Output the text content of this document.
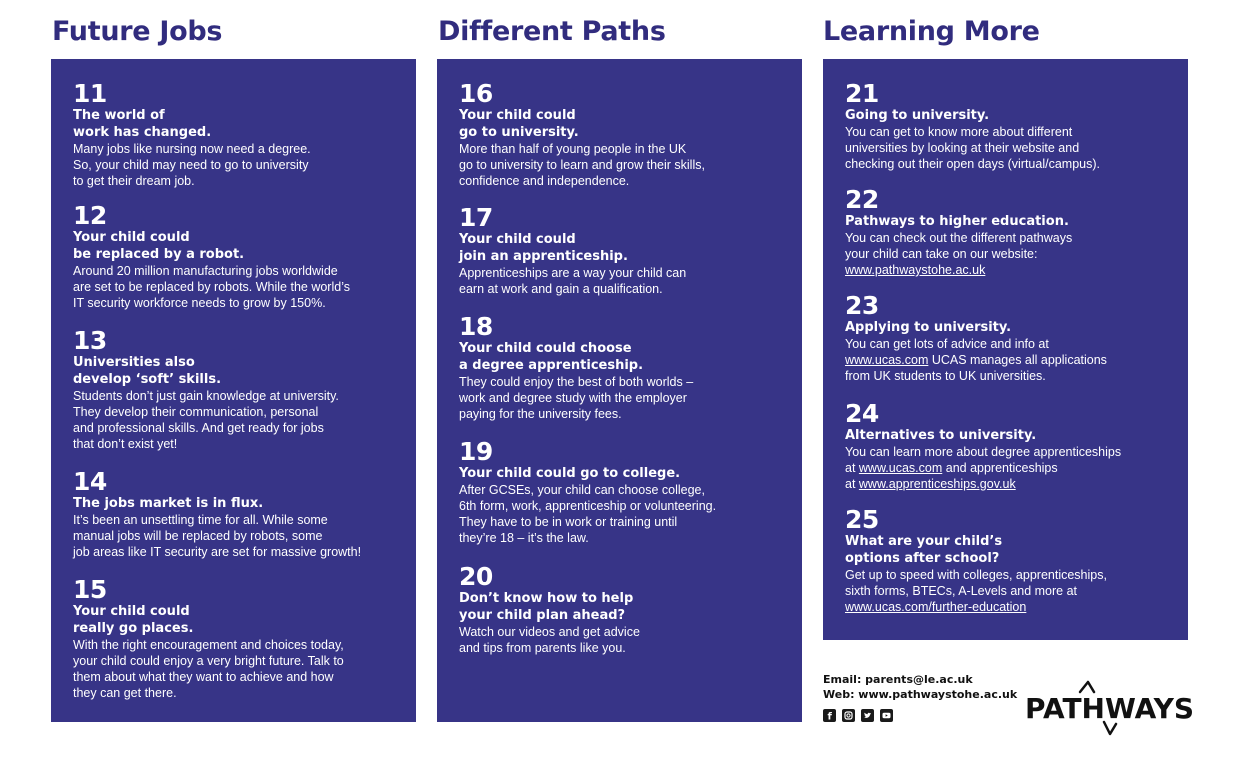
Future Jobs	Different Paths	Learning More
11
The world of
work has changed.
Many jobs like nursing now need a degree.
So, your child may need to go to university
to get their dream job.
12
Your child could
be replaced by a robot.
Around 20 million manufacturing jobs worldwide
are set to be replaced by robots. While the world’s
IT security workforce needs to grow by 150%.
13
Universities also
develop ‘soft’ skills.
Students don’t just gain knowledge at university.
They develop their communication, personal
and professional skills. And get ready for jobs
that don’t exist yet!
14
The jobs market is in flux.
It’s been an unsettling time for all. While some
manual jobs will be replaced by robots, some
job areas like IT security are set for massive growth!
15
Your child could
really go places.
With the right encouragement and choices today,
your child could enjoy a very bright future. Talk to
them about what they want to achieve and how
they can get there.
16
Your child could
go to university.
More than half of young people in the UK
go to university to learn and grow their skills,
confidence and independence.
17
Your child could
join an apprenticeship.
Apprenticeships are a way your child can
earn at work and gain a qualification.
18
Your child could choose
a degree apprenticeship.
They could enjoy the best of both worlds –
work and degree study with the employer
paying for the university fees.
19
Your child could go to college.
After GCSEs, your child can choose college,
6th form, work, apprenticeship or volunteering.
They have to be in work or training until
they’re 18 – it’s the law.
20
Don’t know how to help
your child plan ahead?
Watch our videos and get advice
and tips from parents like you.
21
Going to university.
You can get to know more about different
universities by looking at their website and
checking out their open days (virtual/campus).
22
Pathways to higher education.
You can check out the different pathways
your child can take on our website:
www.pathwaystohe.ac.uk
23
Applying to university.
You can get lots of advice and info at
www.ucas.com UCAS manages all applications
from UK students to UK universities.
24
Alternatives to university.
You can learn more about degree apprenticeships
at www.ucas.com and apprenticeships
at www.apprenticeships.gov.uk
25
What are your child’s
options after school?
Get up to speed with colleges, apprenticeships,
sixth forms, BTECs, A-Levels and more at
www.ucas.com/further-education
Email: parents@le.ac.uk
Web: www.pathwaystohe.ac.uk
f	PATHWAYS
